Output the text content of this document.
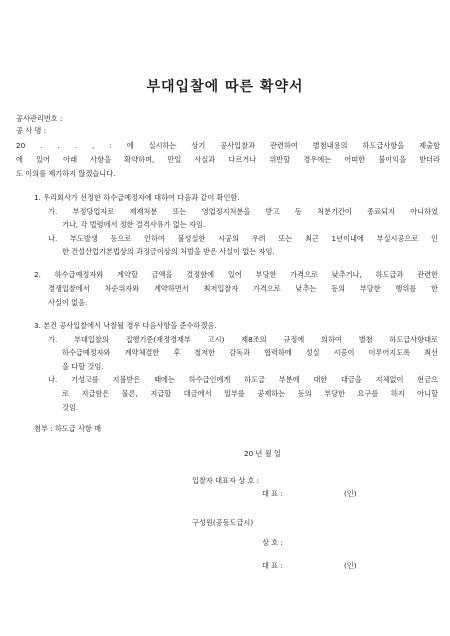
부대입찰에 따른 확약서
공사관리번호 :
공 사 명 :
20 . . . , : 에 실시하는 상기 공사입찰과 관련하여 별첨내용의 하도급사항을 제출함
에 있어 아래 사항을 확약하며, 만일 사실과 다르거나 위반할 경우에는 어떠한 불이익을 받더라
도 이의를 제기하지 않겠습니다.
1. 우리회사가 선정한 하수급예정자에 대하여 다음과 같이 확인함.
가. 부정당업자로 제재처분 또는 영업정지처분을 받고 동 처분기간이 종료되지 아니하였
거나, 각 법령에서 정한 결격사유가 없는 자임.
나. 부도발생 등으로 인하여 불성실한 시공의 우려 또는 최근 1년이내에 부실시공으로 인
한 건설산업기본법상의 과징금이상의 처벌을 받은 사실이 없는 자임.
2. 하수급예정자와 계약할 금액을 결정함에 있어 부당한 가격으로 낮추거나, 하도급과 관련한
경쟁입찰에서 차순위자와 계약하면서 최저입찰자 가격으로 낮추는 등의 부당한 행위를 한
사실이 없음.
3. 본건 공사입찰에서 낙찰될 경우 다음사항을 준수하겠음.
가. 부대입찰의 집행기준(재정경제부 고시) 제8조의 규정에 의하여 별첨 하도급사항대로
하수급예정자와 계약체결한 후 철저한 감독과 협력하에 성실 시공이 이루어지도록 최선
을 다할 것임.
나. 기성고를 지불받은 때에는 하수급인에게 하도급 부분에 대한 대금을 지체없이 현금으
로 지급함은 물론, 지급할 대금에서 일부를 공제하는 등의 부당한 요구를 하지 아니할
것임.
첨부 : 하도급 사항 매
20 년 월 일
입찰자 대표자 상 호 :
대 표 :	(인)
구성원(공동도급시)
상 호 :
대 표 :	(인)
